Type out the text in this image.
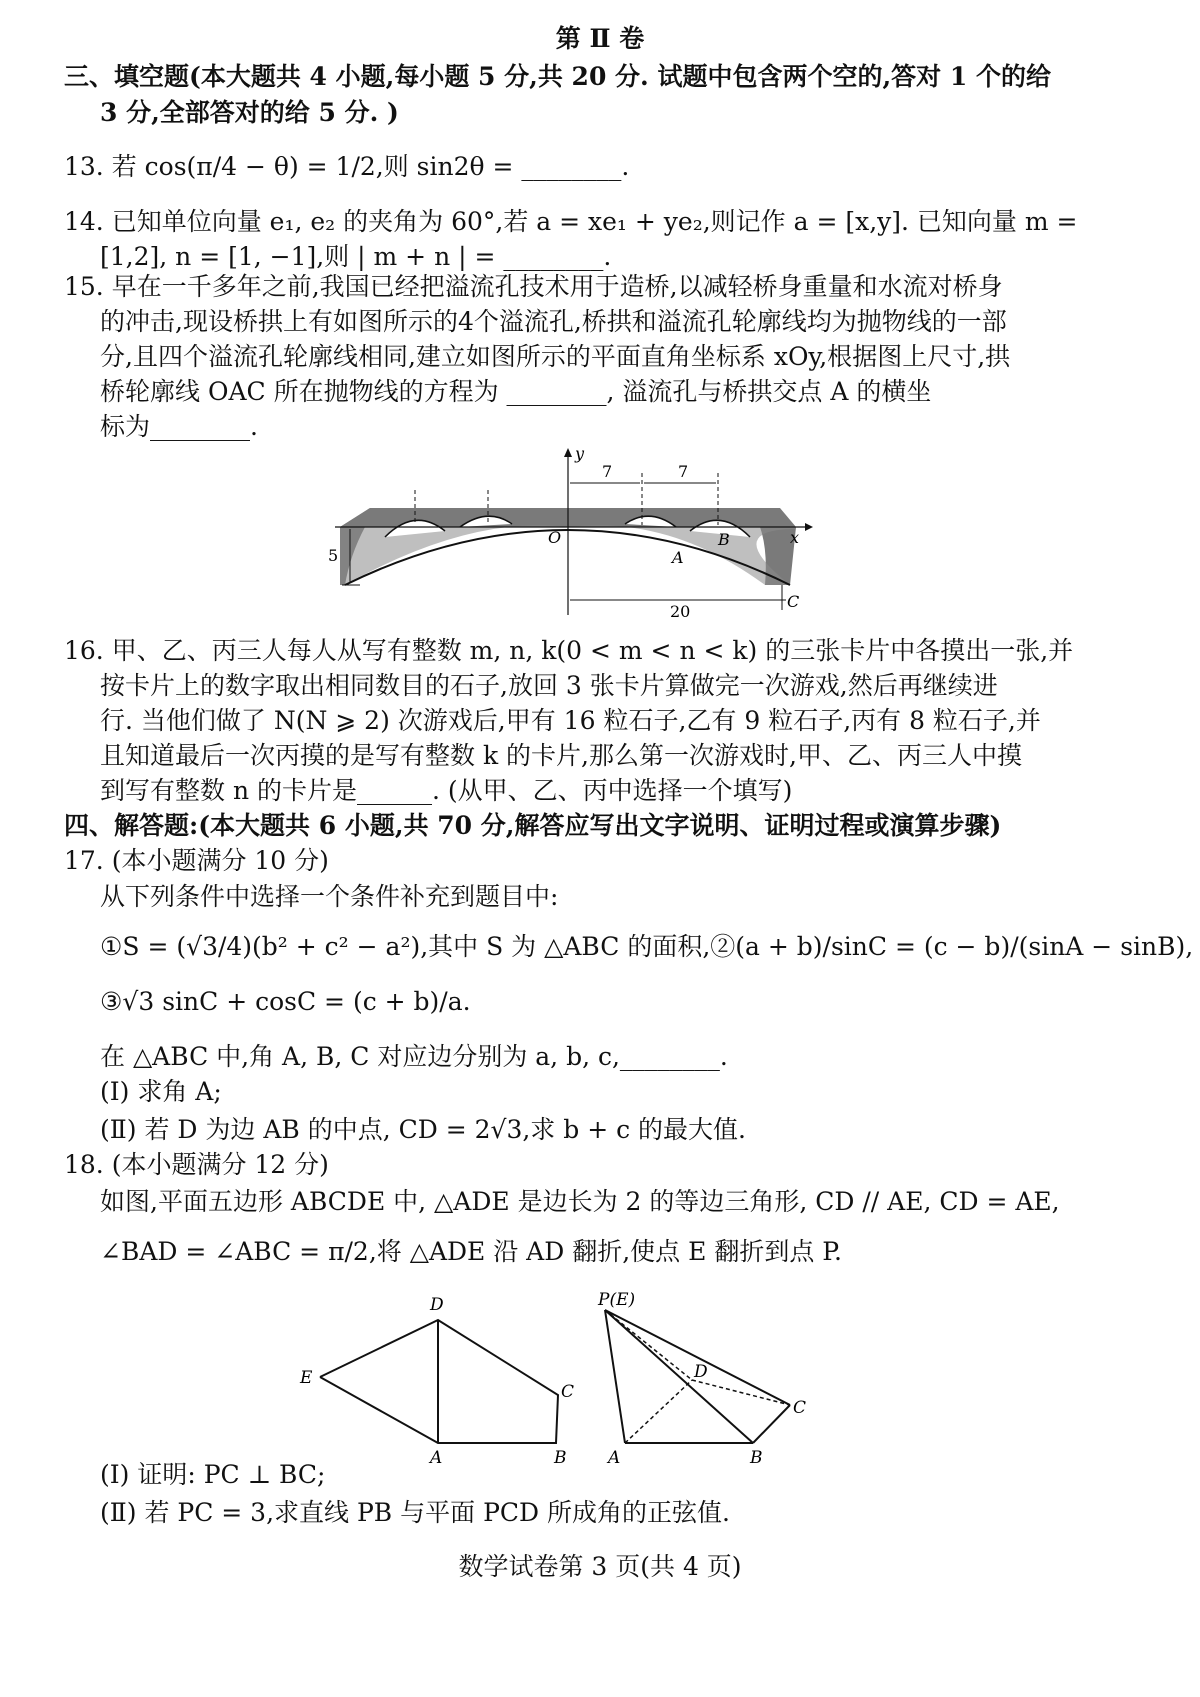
第 Ⅱ 卷
三、填空题(本大题共 4 小题,每小题 5 分,共 20 分. 试题中包含两个空的,答对 1 个的给
3 分,全部答对的给 5 分. )
13. 若 cos(π/4 − θ) = 1/2,则 sin2θ = ________.
14. 已知单位向量 e₁, e₂ 的夹角为 60°,若 a = xe₁ + ye₂,则记作 a = [x,y]. 已知向量 m =
[1,2], n = [1, −1],则 | m + n | = ________.
15. 早在一千多年之前,我国已经把溢流孔技术用于造桥,以减轻桥身重量和水流对桥身
的冲击,现设桥拱上有如图所示的4个溢流孔,桥拱和溢流孔轮廓线均为抛物线的一部
分,且四个溢流孔轮廓线相同,建立如图所示的平面直角坐标系 xOy,根据图上尺寸,拱
桥轮廓线 OAC 所在抛物线的方程为 ________, 溢流孔与桥拱交点 A 的横坐
标为________.
y
x
O
A
B
C
7	7
5
20
16. 甲、乙、丙三人每人从写有整数 m, n, k(0 < m < n < k) 的三张卡片中各摸出一张,并
按卡片上的数字取出相同数目的石子,放回 3 张卡片算做完一次游戏,然后再继续进
行. 当他们做了 N(N ⩾ 2) 次游戏后,甲有 16 粒石子,乙有 9 粒石子,丙有 8 粒石子,并
且知道最后一次丙摸的是写有整数 k 的卡片,那么第一次游戏时,甲、乙、丙三人中摸
到写有整数 n 的卡片是______. (从甲、乙、丙中选择一个填写)
四、解答题:(本大题共 6 小题,共 70 分,解答应写出文字说明、证明过程或演算步骤)
17. (本小题满分 10 分)
从下列条件中选择一个条件补充到题目中:
①S = (√3/4)(b² + c² − a²),其中 S 为 △ABC 的面积,②(a + b)/sinC = (c − b)/(sinA − sinB),
③√3 sinC + cosC = (c + b)/a.
在 △ABC 中,角 A, B, C 对应边分别为 a, b, c,________.
(Ⅰ) 求角 A;
(Ⅱ) 若 D 为边 AB 的中点, CD = 2√3,求 b + c 的最大值.
18. (本小题满分 12 分)
如图,平面五边形 ABCDE 中, △ADE 是边长为 2 的等边三角形, CD // AE, CD = AE,
∠BAD = ∠ABC = π/2,将 △ADE 沿 AD 翻折,使点 E 翻折到点 P.
D
E
C
A	B
P(E)
D
C
A	B
(Ⅰ) 证明: PC ⊥ BC;
(Ⅱ) 若 PC = 3,求直线 PB 与平面 PCD 所成角的正弦值.
数学试卷第 3 页(共 4 页)
